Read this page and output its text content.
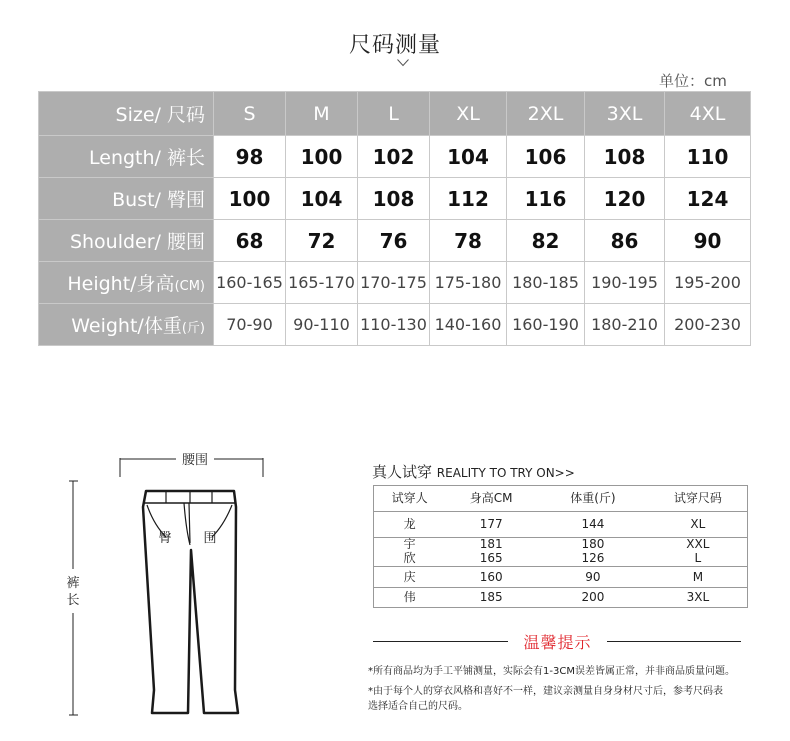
尺码测量
单位：cm
Size/ 尺码	S	M	L	XL	2XL	3XL	4XL
Length/ 裤长	98	100	102	104	106	108	110
Bust/ 臀围	100	104	108	112	116	120	124
Shoulder/ 腰围	68	72	76	78	82	86	90
Height/身高(CM)	160-165	165-170	170-175	175-180	180-185	190-195	195-200
Weight/体重(斤)	70-90	90-110	110-130	140-160	160-190	180-210	200-230
腰围
裤
长
臀 围
真人试穿 REALITY TO TRY ON>>
试穿人	身高CM	体重(斤)	试穿尺码
龙	177	144	XL
宇	181	180	XXL
欣	165	126	L
庆	160	90	M
伟	185	200	3XL
温馨提示
*所有商品均为手工平铺测量，实际会有1-3CM误差皆属正常，并非商品质量问题。
*由于每个人的穿衣风格和喜好不一样，建议亲测量自身身材尺寸后，参考尺码表
选择适合自己的尺码。
